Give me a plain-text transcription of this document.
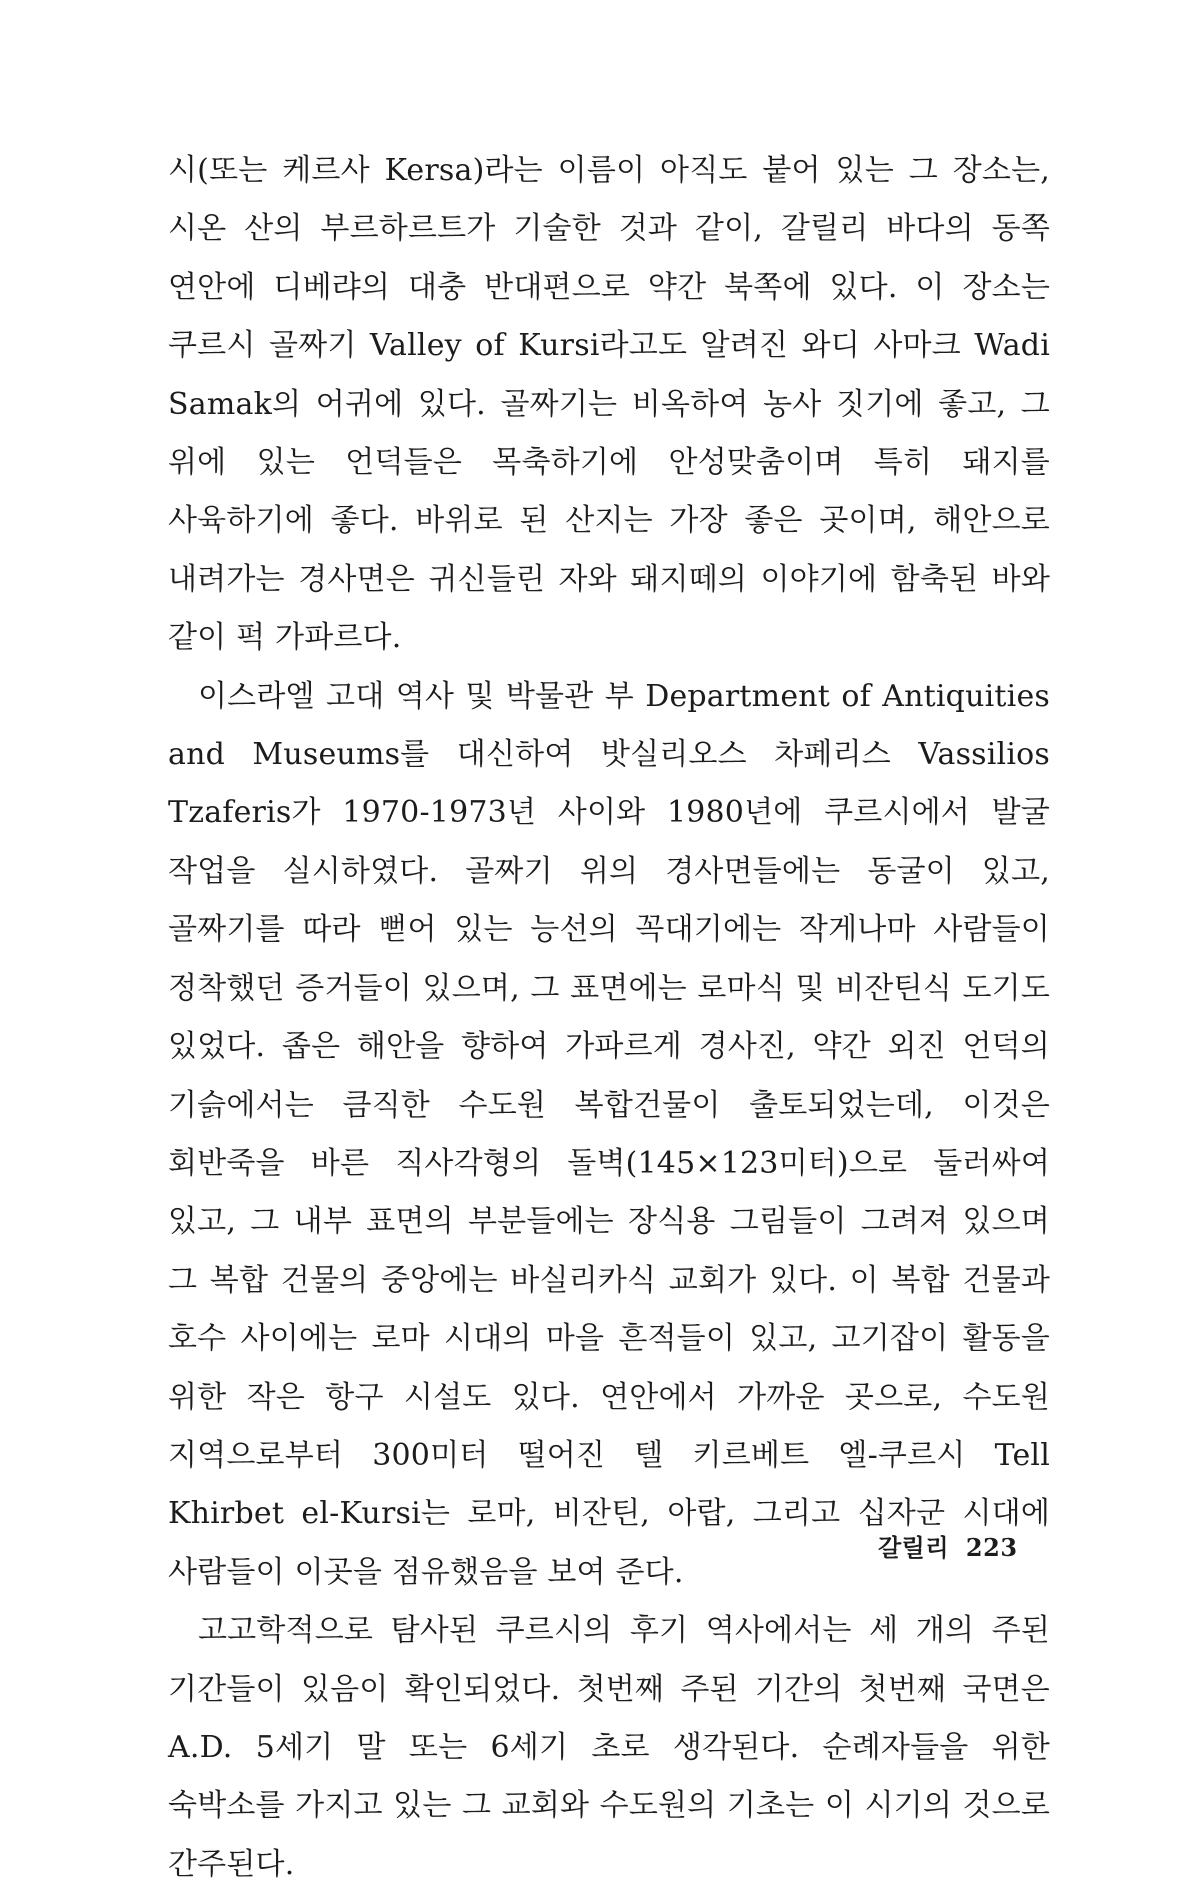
시(또는 케르사 Kersa)라는 이름이 아직도 붙어 있는 그 장소는, 시온 산의 부르하르트가 기술한 것과 같이, 갈릴리 바다의 동쪽 연안에 디베랴의 대충 반대편으로 약간 북쪽에 있다. 이 장소는 쿠르시 골짜기 Valley of Kursi라고도 알려진 와디 사마크 Wadi Samak의 어귀에 있다. 골짜기는 비옥하여 농사 짓기에 좋고, 그 위에 있는 언덕들은 목축하기에 안성맞춤이며 특히 돼지를 사육하기에 좋다. 바위로 된 산지는 가장 좋은 곳이며, 해안으로 내려가는 경사면은 귀신들린 자와 돼지떼의 이야기에 함축된 바와 같이 퍽 가파르다.

이스라엘 고대 역사 및 박물관 부 Department of Antiquities and Museums를 대신하여 밧실리오스 차페리스 Vassilios Tzaferis가 1970-1973년 사이와 1980년에 쿠르시에서 발굴 작업을 실시하였다. 골짜기 위의 경사면들에는 동굴이 있고, 골짜기를 따라 뻗어 있는 능선의 꼭대기에는 작게나마 사람들이 정착했던 증거들이 있으며, 그 표면에는 로마식 및 비잔틴식 도기도 있었다. 좁은 해안을 향하여 가파르게 경사진, 약간 외진 언덕의 기슭에서는 큼직한 수도원 복합건물이 출토되었는데, 이것은 회반죽을 바른 직사각형의 돌벽(145×123미터)으로 둘러싸여 있고, 그 내부 표면의 부분들에는 장식용 그림들이 그려져 있으며 그 복합 건물의 중앙에는 바실리카식 교회가 있다. 이 복합 건물과 호수 사이에는 로마 시대의 마을 흔적들이 있고, 고기잡이 활동을 위한 작은 항구 시설도 있다. 연안에서 가까운 곳으로, 수도원 지역으로부터 300미터 떨어진 텔 키르베트 엘-쿠르시 Tell Khirbet el-Kursi는 로마, 비잔틴, 아랍, 그리고 십자군 시대에 사람들이 이곳을 점유했음을 보여 준다.

고고학적으로 탐사된 쿠르시의 후기 역사에서는 세 개의 주된 기간들이 있음이 확인되었다. 첫번째 주된 기간의 첫번째 국면은 A.D. 5세기 말 또는 6세기 초로 생각된다. 순례자들을 위한 숙박소를 가지고 있는 그 교회와 수도원의 기초는 이 시기의 것으로 간주된다.

갈릴리 223
